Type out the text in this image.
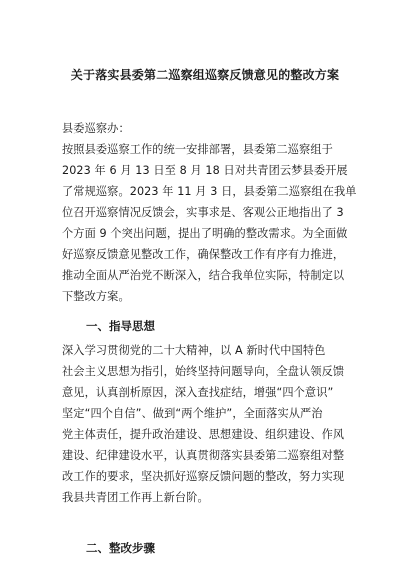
关于落实县委第二巡察组巡察反馈意见的整改方案
县委巡察办：
按照县委巡察工作的统一安排部署，县委第二巡察组于
2023 年 6 月 13 日至 8 月 18 日对共青团云梦县委开展
了常规巡察。2023 年 11 月 3 日，县委第二巡察组在我单
位召开巡察情况反馈会，实事求是、客观公正地指出了 3
个方面 9 个突出问题，提出了明确的整改需求。为全面做
好巡察反馈意见整改工作，确保整改工作有序有力推进，
推动全面从严治党不断深入，结合我单位实际，特制定以
下整改方案。
一、指导思想
深入学习贯彻党的二十大精神，以 A 新时代中国特色
社会主义思想为指引，始终坚持问题导向，全盘认领反馈
意见，认真剖析原因，深入查找症结，增强“四个意识”
坚定“四个自信”、做到“两个维护”，全面落实从严治
党主体责任，提升政治建设、思想建设、组织建设、作风
建设、纪律建设水平，认真贯彻落实县委第二巡察组对整
改工作的要求，坚决抓好巡察反馈问题的整改，努力实现
我县共青团工作再上新台阶。
二、整改步骤
